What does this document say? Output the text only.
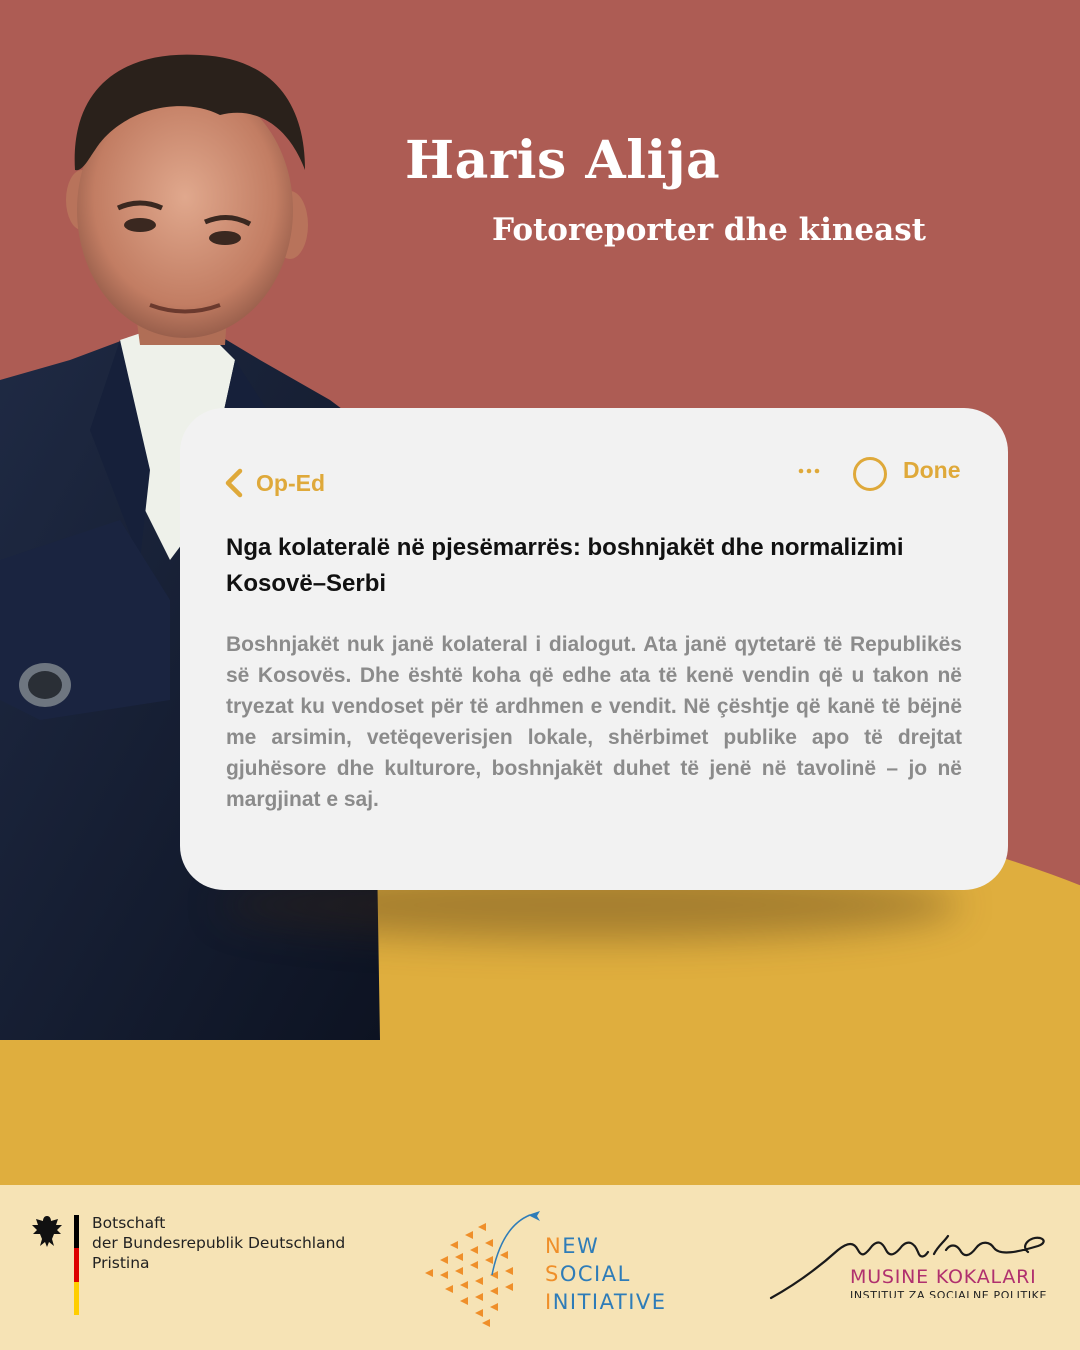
Haris Alija
Fotoreporter dhe kineast
Op-Ed	Done
Nga kolateralë në pjesëmarrës: boshnjakët dhe normalizimi Kosovë–Serbi
Boshnjakët nuk janë kolateral i dialogut. Ata janë qytetarë të Republikës së Kosovës. Dhe është koha që edhe ata të kenë vendin që u takon në tryezat ku vendoset për të ardhmen e vendit. Në çështje që kanë të bëjnë me arsimin, vetëqeverisjen lokale, shërbimet publike apo të drejtat gjuhësore dhe kulturore, boshnjakët duhet të jenë në tavolinë – jo në margjinat e saj.
Botschaft
der Bundesrepublik Deutschland
Pristina
NEW
SOCIAL
INITIATIVE
MUSINE KOKALARI
INSTITUT ZA SOCIALNE POLITIKE
